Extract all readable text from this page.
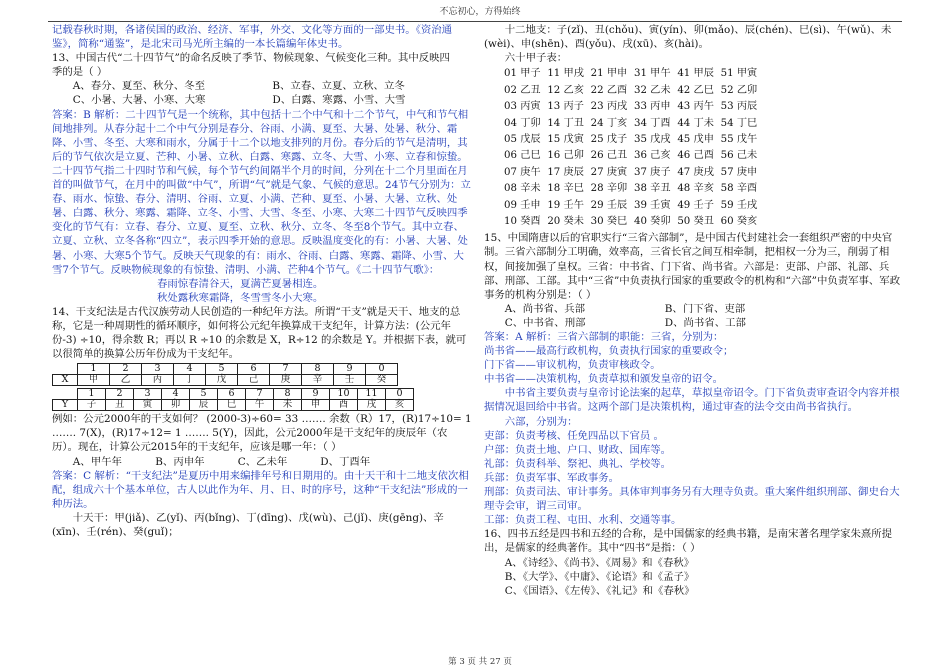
不忘初心，方得始终

记载春秋时期，各诸侯国的政治、经济、军事，外交、文化等方面的一部史书。《资治通

鉴》，简称“通鉴”，是北宋司马光所主编的一本长篇编年体史书。

13、中国古代“二十四节气”的命名反映了季节、物候现象、气候变化三种。其中反映四

季的是（ ）

A、春分、夏至、秋分、冬至	B、立春、立夏、立秋、立冬
C、小暑、大暑、小寒、大寒	D、白露、寒露、小雪、大雪

答案：B 解析：二十四节气是一个统称，其中包括十二个中气和十二个节气，中气和节气相间地排列。从春分起十二个中气分别是春分、谷雨、小满、夏至、大暑、处暑、秋分、霜降、小雪、冬至、大寒和雨水，分属于十二个以地支排列的月份。春分后的节气是清明，其后的节气依次是立夏、芒种、小暑、立秋、白露、寒露、立冬、大雪、小寒、立春和惊蛰。二十四节气指二十四时节和气候，每个节气约间隔半个月的时间，分列在十二个月里面在月首的叫做节气，在月中的叫做“中气”，所谓“气”就是气象、气候的意思。24节气分别为：立春、雨水、惊蛰、春分、清明、谷雨、立夏、小满、芒种、夏至、小暑、大暑、立秋、处暑、白露、秋分、寒露、霜降、立冬、小雪、大雪、冬至、小寒、大寒二十四节气反映四季变化的节气有：立春、春分、立夏、夏至、立秋、秋分、立冬、冬至8个节气。其中立春、立夏、立秋、立冬各称“四立”，表示四季开始的意思。反映温度变化的有：小暑、大暑、处暑、小寒、大寒5个节气。反映天气现象的有：雨水、谷雨、白露、寒露、霜降、小雪、大雪7个节气。反映物候现象的有惊蛰、清明、小满、芒种4个节气。《二十四节气歌》：

春雨惊春清谷天，夏满芒夏暑相连。
秋处露秋寒霜降，冬雪雪冬小大寒。

14、干支纪法是古代汉族劳动人民创造的一种纪年方法。所谓“干支”就是天干、地支的总称，它是一种周期性的循环顺序，如何将公元纪年换算成干支纪年，计算方法：(公元年份-3) ÷10，得余数 R；再以 R ÷10 的余数是 X，R÷12 的余数是 Y。并根据下表，就可以很简单的换算公历年份成为干支纪年。

	1	2	3	4	5	6	7	8	9	0
X	甲	乙	丙	丁	戊	己	庚	辛	壬	癸
	1	2	3	4	5	6	7	8	9	10	11	0
Y	子	丑	寅	卯	辰	巳	午	未	申	酉	戌	亥

例如：公元2000年的干支如何？ (2000-3)÷60= 33 ……. 余数（R）17，(R)17÷10= 1 ……. 7(X)，(R)17÷12= 1 ……. 5(Y)，因此，公元2000年是干支纪年的庚辰年（农历）。现在，计算公元2015年的干支纪年，应该是哪一年：（ ）

A、甲午年	B、丙申年	C、乙未年	D、丁酉年

答案：C 解析：“干支纪法”是夏历中用来编排年号和日期用的。由十天干和十二地支依次相配，组成六十个基本单位，古人以此作为年、月、日、时的序号，这种“干支纪法”形成的一种历法。

十天干：甲(jiǎ)、乙(yǐ)、丙(bǐng)、丁(dīng)、戊(wù)、己(jǐ)、庚(gēng)、辛(xīn)、壬(rén)、癸(guǐ)；

十二地支：子(zǐ)、丑(chǒu)、寅(yín)、卯(mǎo)、辰(chén)、巳(sì)、午(wǔ)、未(wèi)、申(shēn)、酉(yǒu)、戌(xū)、亥(hài)。

六十甲子表：

01 甲子	11 甲戌	21 甲申	31 甲午	41 甲辰	51 甲寅
02 乙丑	12 乙亥	22 乙酉	32 乙未	42 乙巳	52 乙卯
03 丙寅	13 丙子	23 丙戌	33 丙申	43 丙午	53 丙辰
04 丁卯	14 丁丑	24 丁亥	34 丁酉	44 丁未	54 丁巳
05 戊辰	15 戊寅	25 戊子	35 戊戌	45 戊申	55 戊午
06 己巳	16 己卯	26 己丑	36 己亥	46 己酉	56 己未
07 庚午	17 庚辰	27 庚寅	37 庚子	47 庚戌	57 庚申
08 辛未	18 辛巳	28 辛卯	38 辛丑	48 辛亥	58 辛酉
09 壬申	19 壬午	29 壬辰	39 壬寅	49 壬子	59 壬戌
10 癸酉	20 癸未	30 癸巳	40 癸卯	50 癸丑	60 癸亥

15、中国隋唐以后的官职实行“三省六部制”，是中国古代封建社会一套组织严密的中央官制。三省六部制分工明确，效率高，三省长官之间互相牵制，把相权一分为三，削弱了相权，间接加强了皇权。三省：中书省、门下省、尚书省。六部是：吏部、户部、礼部、兵部、刑部、工部。其中“三省”中负责执行国家的重要政令的机构和“六部”中负责军事、军政事务的机构分别是：（ ）

A、尚书省、兵部	B、门下省、吏部
C、中书省、刑部	D、尚书省、工部

答案：A 解析：三省六部制的职能：三省，分别为：

尚书省——最高行政机构，负责执行国家的重要政令；

门下省——审议机构，负责审核政令。

中书省——决策机构，负责草拟和颁发皇帝的诏令。

中书省主要负责与皇帝讨论法案的起草，草拟皇帝诏令。门下省负责审查诏令内容并根据情况退回给中书省。这两个部门是决策机构，通过审查的法令交由尚书省执行。

六部，分别为：

吏部：负责考核、任免四品以下官员 。

户部：负责土地、户口、财政、国库等。

礼部：负责科举、祭祀、典礼、学校等。

兵部：负责军事、军政事务。

刑部：负责司法、审计事务。具体审判事务另有大理寺负责。重大案件组织刑部、御史台大理寺会审，谓三司审。

工部：负责工程、屯田、水利、交通等事。

16、四书五经是四书和五经的合称，是中国儒家的经典书籍，是南宋著名理学家朱熹所提出，是儒家的经典著作。其中“四书”是指：（ ）

A、《诗经》、《尚书》、《周易》和《春秋》

B、《大学》、《中庸》、《论语》和《孟子》

C、《国语》、《左传》、《礼记》和《春秋》

第 3 页 共 27 页
